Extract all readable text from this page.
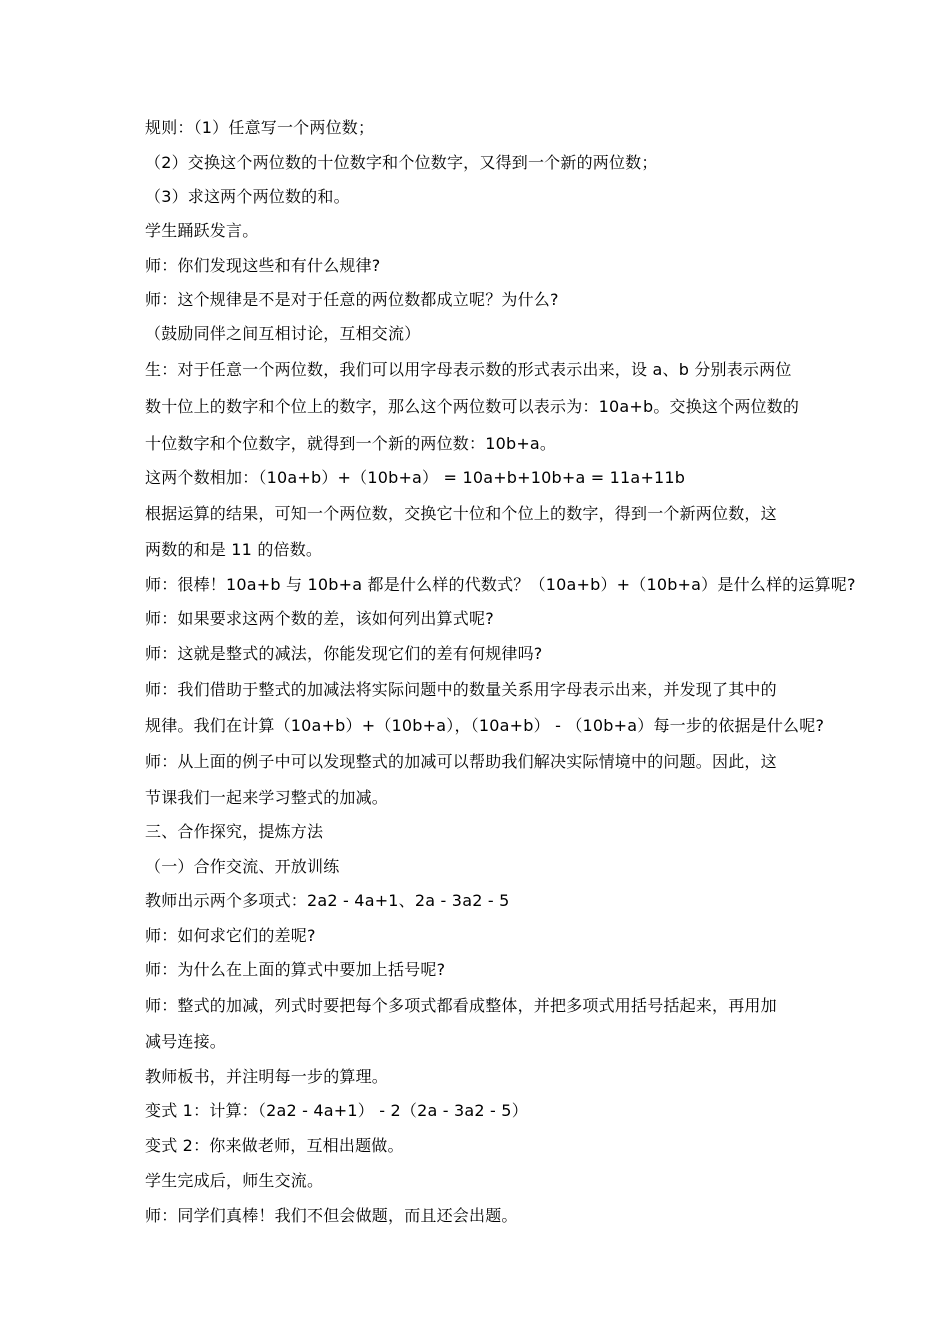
规则：（1）任意写一个两位数；
（2）交换这个两位数的十位数字和个位数字，又得到一个新的两位数；
（3）求这两个两位数的和。
学生踊跃发言。
师：你们发现这些和有什么规律?
师：这个规律是不是对于任意的两位数都成立呢？为什么?
（鼓励同伴之间互相讨论，互相交流）
生：对于任意一个两位数，我们可以用字母表示数的形式表示出来，设 a、b 分别表示两位
数十位上的数字和个位上的数字，那么这个两位数可以表示为：10a+b。交换这个两位数的
十位数字和个位数字，就得到一个新的两位数：10b+a。
这两个数相加：（10a+b）+（10b+a） = 10a+b+10b+a = 11a+11b
根据运算的结果，可知一个两位数，交换它十位和个位上的数字，得到一个新两位数，这
两数的和是 11 的倍数。
师：很棒！10a+b 与 10b+a 都是什么样的代数式？（10a+b）+（10b+a）是什么样的运算呢?
师：如果要求这两个数的差，该如何列出算式呢?
师：这就是整式的减法，你能发现它们的差有何规律吗?
师：我们借助于整式的加减法将实际问题中的数量关系用字母表示出来，并发现了其中的
规律。我们在计算（10a+b）+（10b+a），（10a+b） - （10b+a）每一步的依据是什么呢?
师：从上面的例子中可以发现整式的加减可以帮助我们解决实际情境中的问题。因此，这
节课我们一起来学习整式的加减。
三、合作探究，提炼方法
（一）合作交流、开放训练
教师出示两个多项式：2a2 - 4a+1、2a - 3a2 - 5
师：如何求它们的差呢?
师：为什么在上面的算式中要加上括号呢?
师：整式的加减，列式时要把每个多项式都看成整体，并把多项式用括号括起来，再用加
减号连接。
教师板书，并注明每一步的算理。
变式 1：计算：（2a2 - 4a+1） - 2（2a - 3a2 - 5）
变式 2：你来做老师，互相出题做。
学生完成后，师生交流。
师：同学们真棒！我们不但会做题，而且还会出题。
